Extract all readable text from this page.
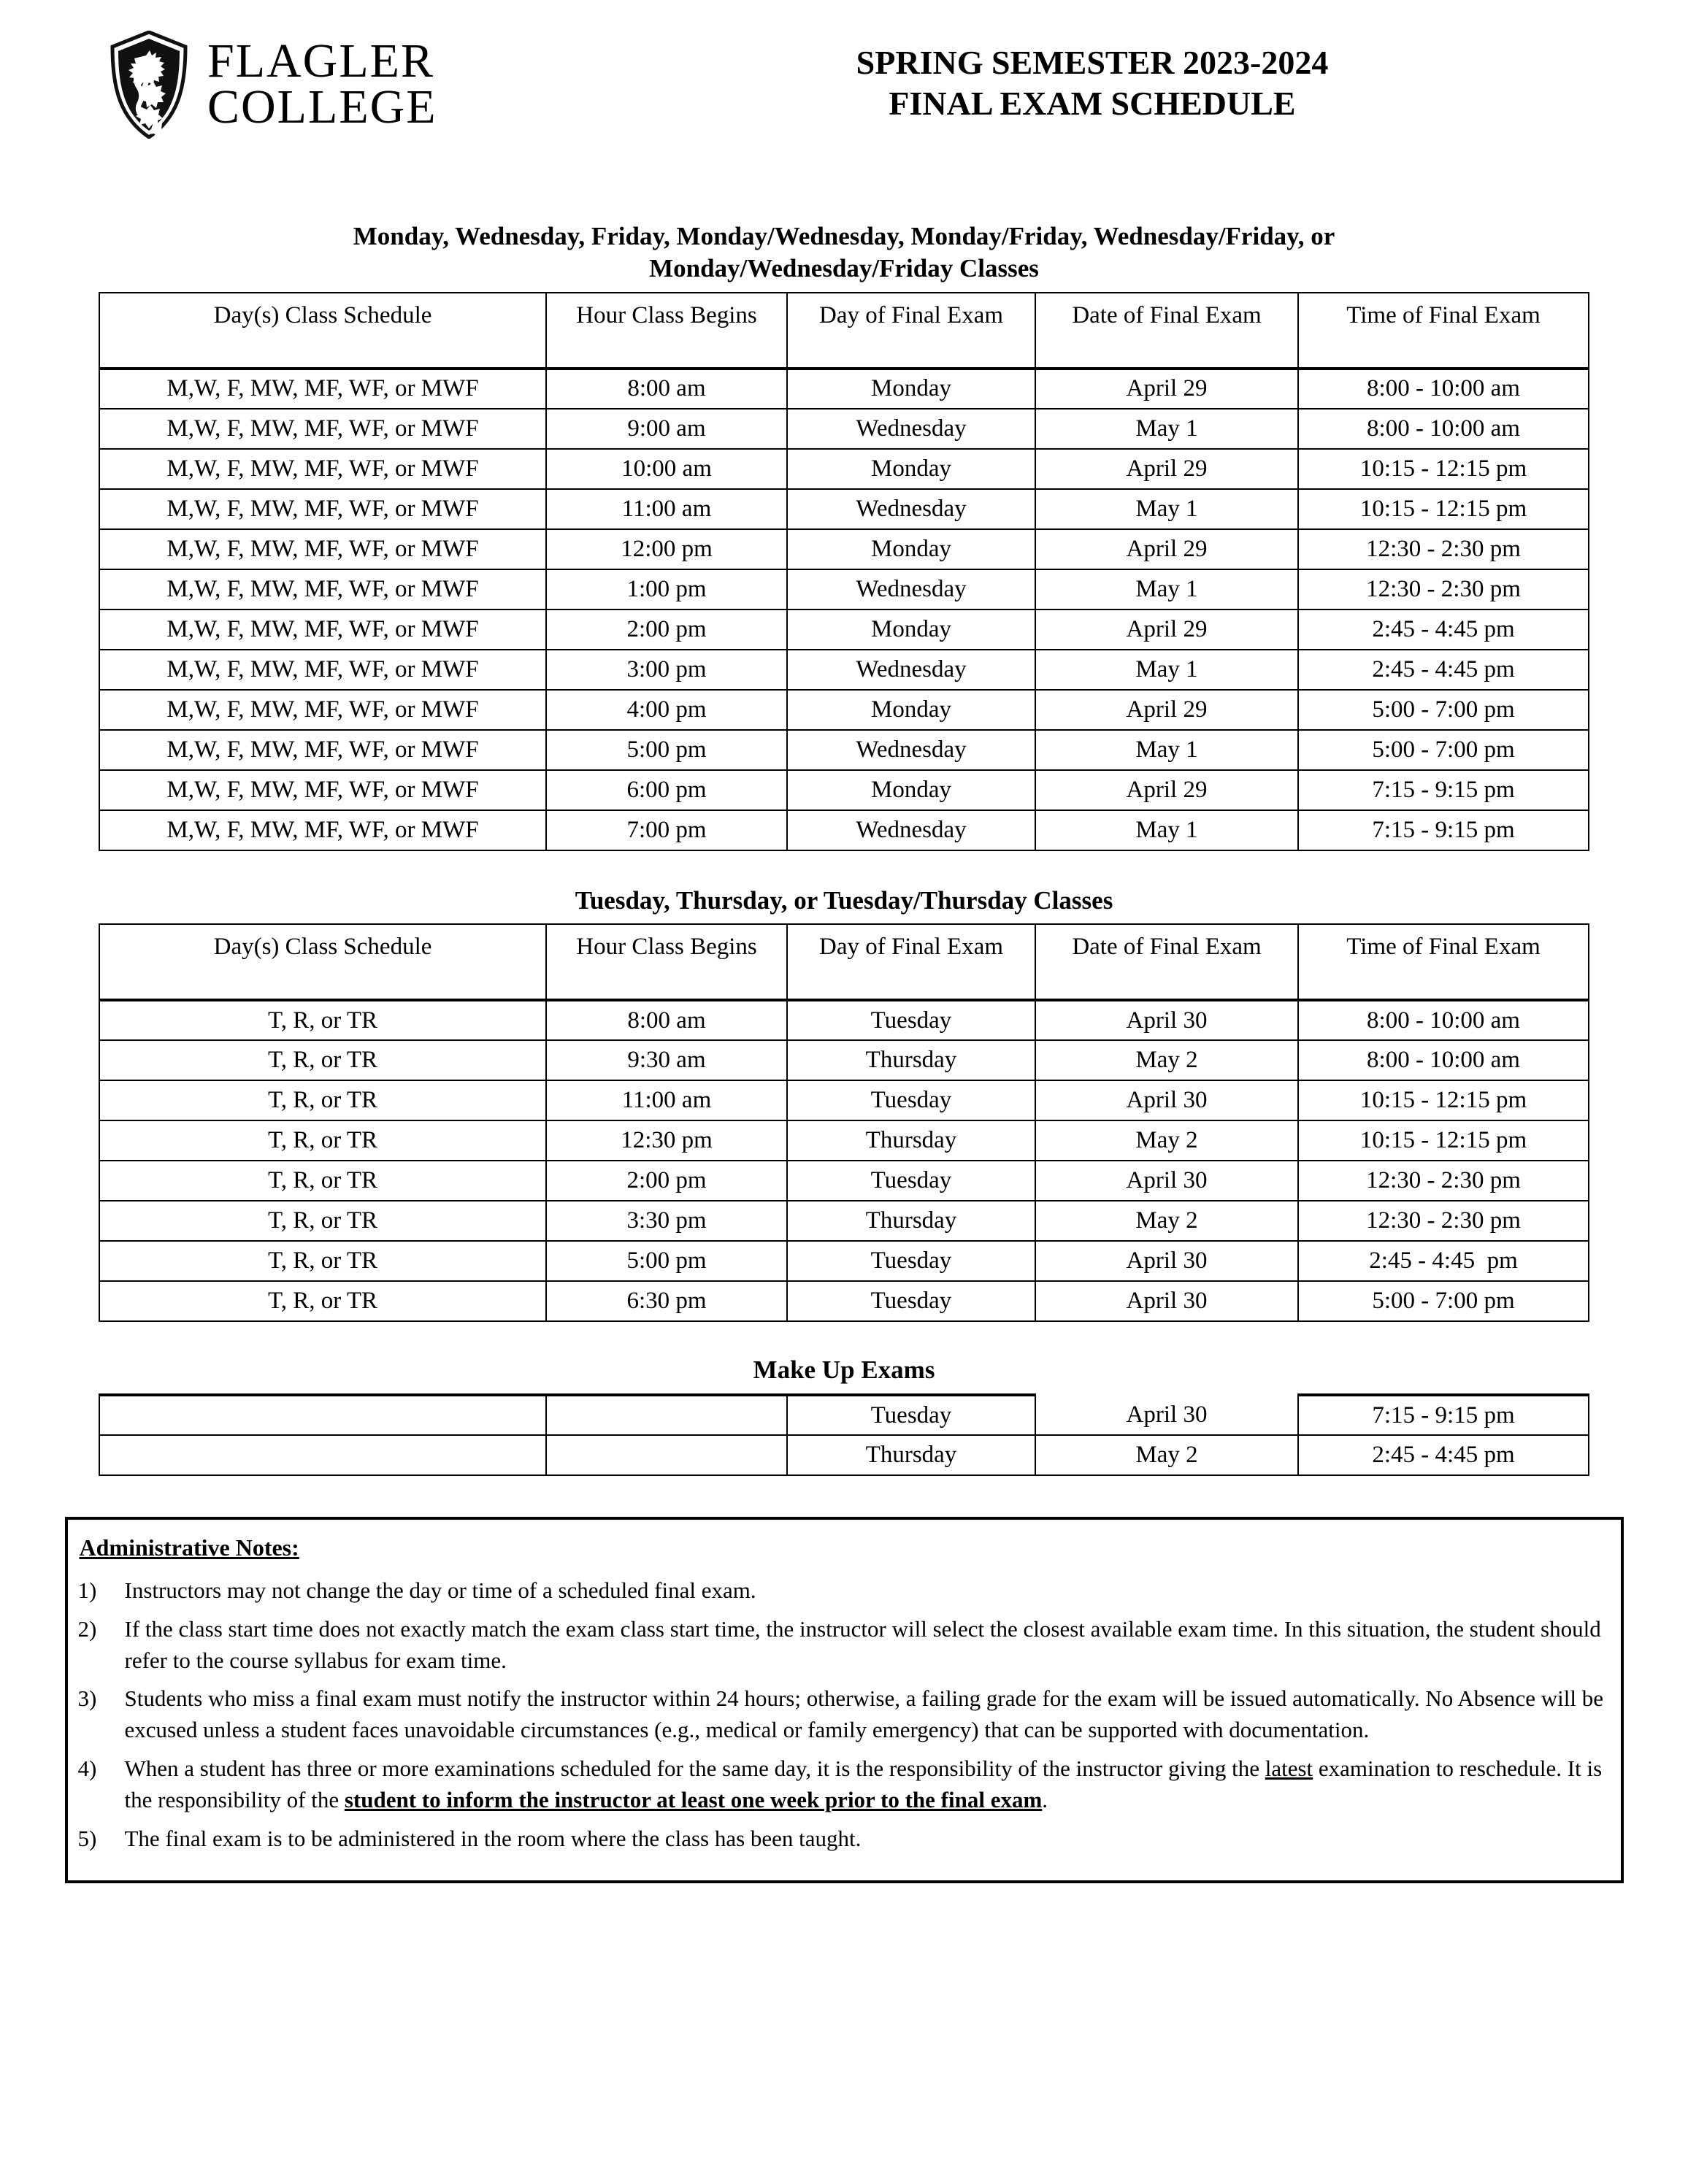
FLAGLER
COLLEGE
SPRING SEMESTER 2023-2024
FINAL EXAM SCHEDULE
Monday, Wednesday, Friday, Monday/Wednesday, Monday/Friday, Wednesday/Friday, or
Monday/Wednesday/Friday Classes
Day(s) Class Schedule	Hour Class Begins	Day of Final Exam	Date of Final Exam	Time of Final Exam
M,W, F, MW, MF, WF, or MWF	8:00 am	Monday	April 29	8:00 - 10:00 am
M,W, F, MW, MF, WF, or MWF	9:00 am	Wednesday	May 1	8:00 - 10:00 am
M,W, F, MW, MF, WF, or MWF	10:00 am	Monday	April 29	10:15 - 12:15 pm
M,W, F, MW, MF, WF, or MWF	11:00 am	Wednesday	May 1	10:15 - 12:15 pm
M,W, F, MW, MF, WF, or MWF	12:00 pm	Monday	April 29	12:30 - 2:30 pm
M,W, F, MW, MF, WF, or MWF	1:00 pm	Wednesday	May 1	12:30 - 2:30 pm
M,W, F, MW, MF, WF, or MWF	2:00 pm	Monday	April 29	2:45 - 4:45 pm
M,W, F, MW, MF, WF, or MWF	3:00 pm	Wednesday	May 1	2:45 - 4:45 pm
M,W, F, MW, MF, WF, or MWF	4:00 pm	Monday	April 29	5:00 - 7:00 pm
M,W, F, MW, MF, WF, or MWF	5:00 pm	Wednesday	May 1	5:00 - 7:00 pm
M,W, F, MW, MF, WF, or MWF	6:00 pm	Monday	April 29	7:15 - 9:15 pm
M,W, F, MW, MF, WF, or MWF	7:00 pm	Wednesday	May 1	7:15 - 9:15 pm
Tuesday, Thursday, or Tuesday/Thursday Classes
Day(s) Class Schedule	Hour Class Begins	Day of Final Exam	Date of Final Exam	Time of Final Exam
T, R, or TR	8:00 am	Tuesday	April 30	8:00 - 10:00 am
T, R, or TR	9:30 am	Thursday	May 2	8:00 - 10:00 am
T, R, or TR	11:00 am	Tuesday	April 30	10:15 - 12:15 pm
T, R, or TR	12:30 pm	Thursday	May 2	10:15 - 12:15 pm
T, R, or TR	2:00 pm	Tuesday	April 30	12:30 - 2:30 pm
T, R, or TR	3:30 pm	Thursday	May 2	12:30 - 2:30 pm
T, R, or TR	5:00 pm	Tuesday	April 30	2:45 - 4:45  pm
T, R, or TR	6:30 pm	Tuesday	April 30	5:00 - 7:00 pm
Make Up Exams
		Tuesday	April 30	7:15 - 9:15 pm
		Thursday	May 2	2:45 - 4:45 pm
Administrative Notes:
1)	Instructors may not change the day or time of a scheduled final exam.
2)	If the class start time does not exactly match the exam class start time, the instructor will select the closest available exam time. In this situation, the student should refer to the course syllabus for exam time.
3)	Students who miss a final exam must notify the instructor within 24 hours; otherwise, a failing grade for the exam will be issued automatically. No Absence will be excused unless a student faces unavoidable circumstances (e.g., medical or family emergency) that can be supported with documentation.
4)	When a student has three or more examinations scheduled for the same day, it is the responsibility of the instructor giving the latest examination to reschedule. It is the responsibility of the student to inform the instructor at least one week prior to the final exam.
5)	The final exam is to be administered in the room where the class has been taught.
